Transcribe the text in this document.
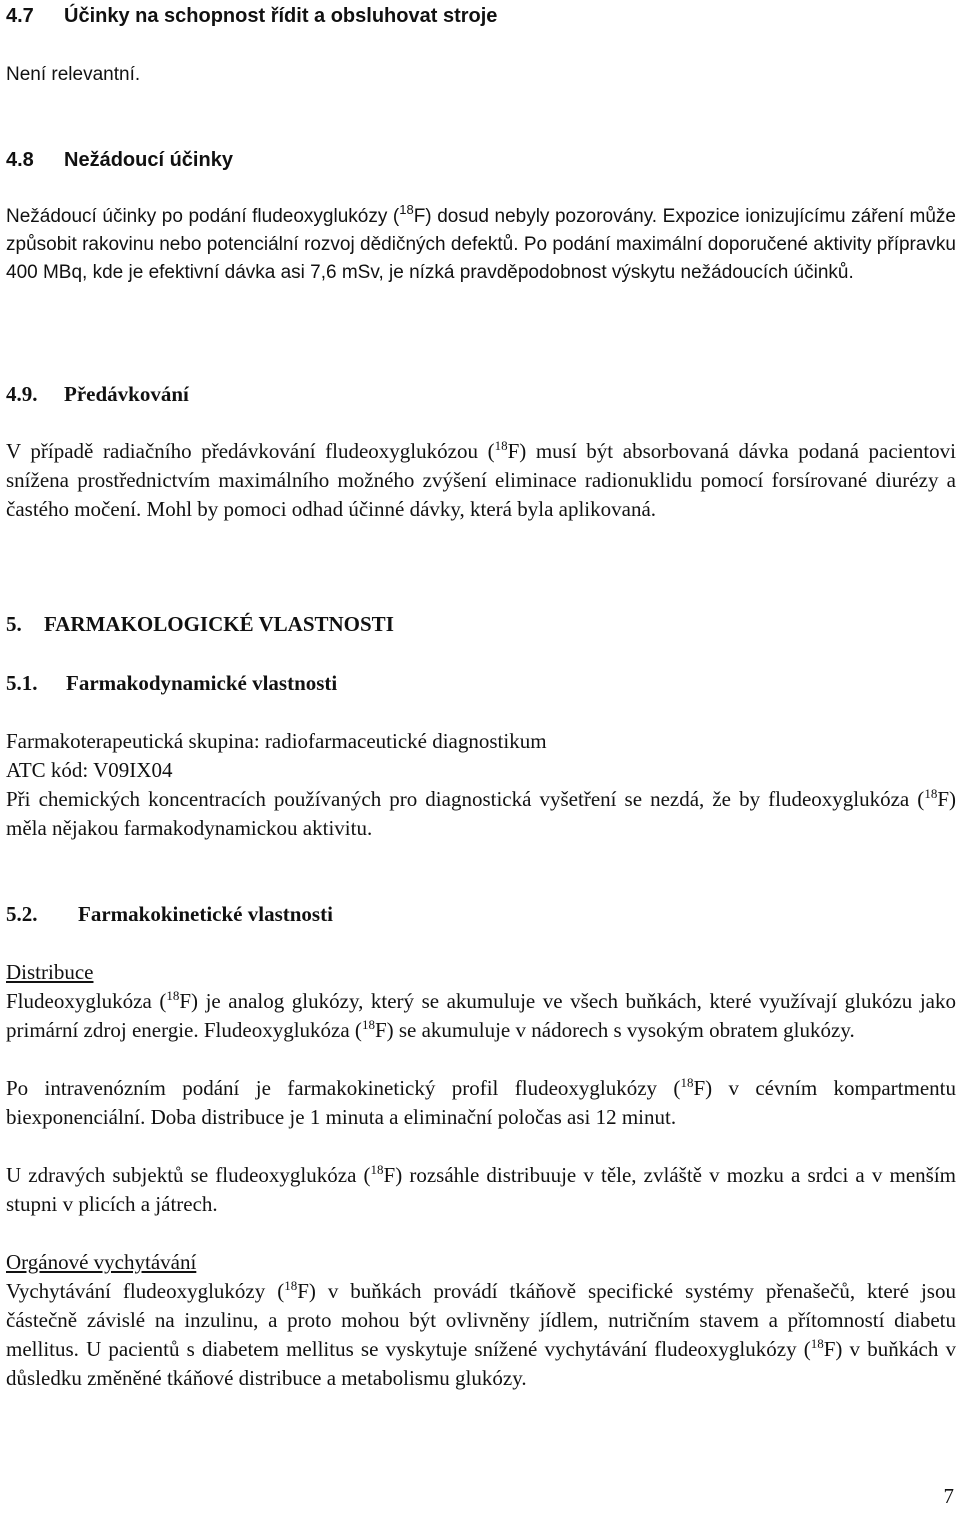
4.7 Účinky na schopnost řídit a obsluhovat stroje
Není relevantní.
4.8 Nežádoucí účinky
Nežádoucí účinky po podání fludeoxyglukózy ($^{18}$F) dosud nebyly pozorovány. Expozice ionizujícímu záření může způsobit rakovinu nebo potenciální rozvoj dědičných defektů. Po podání maximální doporučené aktivity přípravku 400 MBq, kde je efektivní dávka asi 7,6 mSv, je nízká pravděpodobnost výskytu nežádoucích účinků.
4.9. Předávkování
V případě radiačního předávkování fludeoxyglukózou ($^{18}$F) musí být absorbovaná dávka podaná pacientovi snížena prostřednictvím maximálního možného zvýšení eliminace radionuklidu pomocí forsírované diurézy a častého močení. Mohl by pomoci odhad účinné dávky, která byla aplikovaná.
5. FARMAKOLOGICKÉ VLASTNOSTI
5.1. Farmakodynamické vlastnosti
Farmakoterapeutická skupina: radiofarmaceutické diagnostikum
ATC kód: V09IX04
Při chemických koncentracích používaných pro diagnostická vyšetření se nezdá, že by fludeoxyglukóza ($^{18}$F) měla nějakou farmakodynamickou aktivitu.
5.2. Farmakokinetické vlastnosti
Distribuce
Fludeoxyglukóza ($^{18}$F) je analog glukózy, který se akumuluje ve všech buňkách, které využívají glukózu jako primární zdroj energie. Fludeoxyglukóza ($^{18}$F) se akumuluje v nádorech s vysokým obratem glukózy.
Po intravenózním podání je farmakokinetický profil fludeoxyglukózy ($^{18}$F) v cévním kompartmentu biexponenciální. Doba distribuce je 1 minuta a eliminační poločas asi 12 minut.
U zdravých subjektů se fludeoxyglukóza ($^{18}$F) rozsáhle distribuuje v těle, zvláště v mozku a srdci a v menším stupni v plicích a játrech.
Orgánové vychytávání
Vychytávání fludeoxyglukózy ($^{18}$F) v buňkách provádí tkáňově specifické systémy přenašečů, které jsou částečně závislé na inzulinu, a proto mohou být ovlivněny jídlem, nutričním stavem a přítomností diabetu mellitus. U pacientů s diabetem mellitus se vyskytuje snížené vychytávání fludeoxyglukózy ($^{18}$F) v buňkách v důsledku změněné tkáňové distribuce a metabolismu glukózy.
7
